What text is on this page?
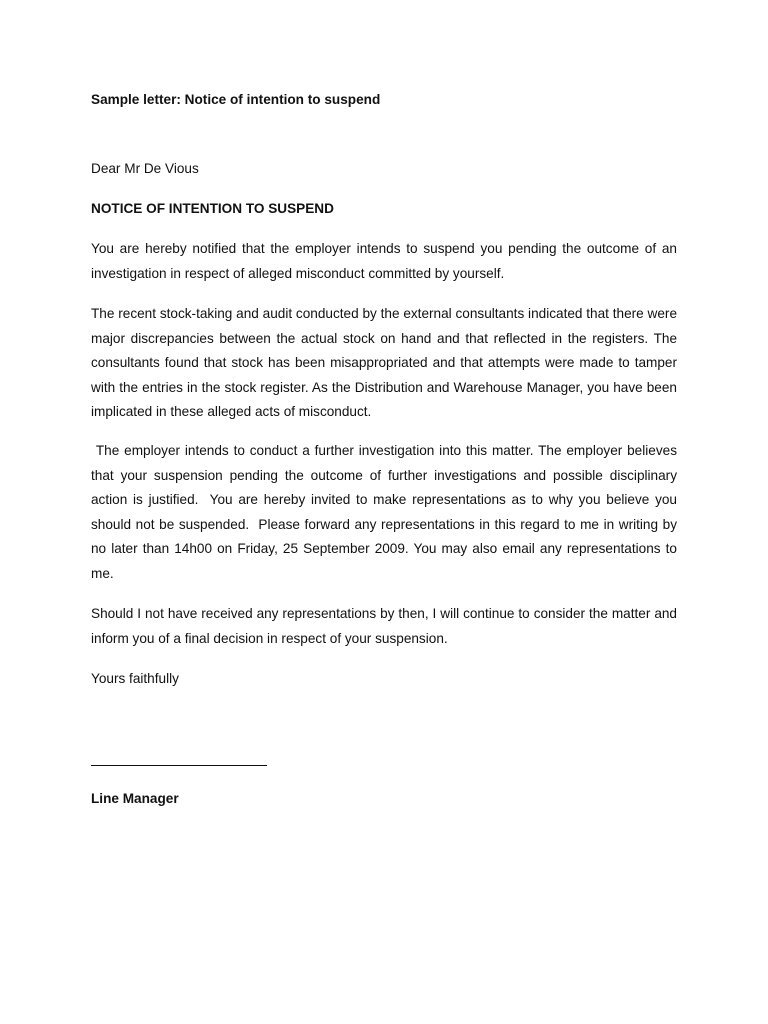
Sample letter: Notice of intention to suspend

Dear Mr De Vious

NOTICE OF INTENTION TO SUSPEND

You are hereby notified that the employer intends to suspend you pending the outcome of an investigation in respect of alleged misconduct committed by yourself.

The recent stock-taking and audit conducted by the external consultants indicated that there were major discrepancies between the actual stock on hand and that reflected in the registers. The consultants found that stock has been misappropriated and that attempts were made to tamper with the entries in the stock register. As the Distribution and Warehouse Manager, you have been implicated in these alleged acts of misconduct.

The employer intends to conduct a further investigation into this matter. The employer believes that your suspension pending the outcome of further investigations and possible disciplinary action is justified.  You are hereby invited to make representations as to why you believe you should not be suspended.  Please forward any representations in this regard to me in writing by no later than 14h00 on Friday, 25 September 2009. You may also email any representations to me.

Should I not have received any representations by then, I will continue to consider the matter and inform you of a final decision in respect of your suspension.

Yours faithfully

Line Manager
